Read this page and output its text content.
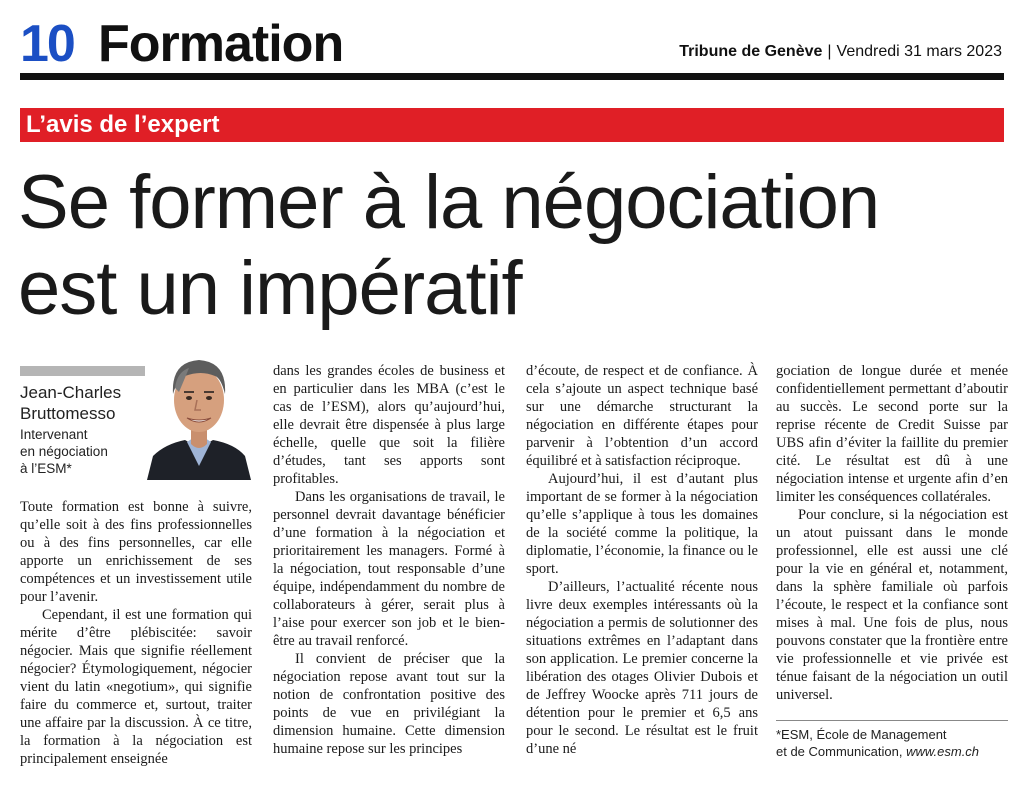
10 Formation	Tribune de Genève | Vendredi 31 mars 2023
L’avis de l’expert
Se former à la négociation
est un impératif
Jean-Charles
Bruttomesso
Intervenant
en négociation
à l’ESM*

Toute formation est bonne à suivre, qu’elle soit à des fins professionnelles ou à des fins personnelles, car elle apporte un enrichissement de ses compétences et un investissement utile pour l’avenir.

Cependant, il est une formation qui mérite d’être plébiscitée: savoir négocier. Mais que signifie réellement négocier? Étymologiquement, négocier vient du latin «negotium», qui signifie faire du commerce et, surtout, traiter une affaire par la discussion. À ce titre, la formation à la négociation est principalement enseignée

dans les grandes écoles de business et en particulier dans les MBA (c’est le cas de l’ESM), alors qu’aujourd’hui, elle devrait être dispensée à plus large échelle, quelle que soit la filière d’études, tant ses apports sont profitables.

Dans les organisations de travail, le personnel devrait davantage bénéficier d’une formation à la négociation et prioritairement les managers. Formé à la négociation, tout responsable d’une équipe, indépendamment du nombre de collaborateurs à gérer, serait plus à l’aise pour exercer son job et le bien-être au travail renforcé.

Il convient de préciser que la négociation repose avant tout sur la notion de confrontation positive des points de vue en privilégiant la dimension humaine. Cette dimension humaine repose sur les principes

d’écoute, de respect et de confiance. À cela s’ajoute un aspect technique basé sur une démarche structurant la négociation en différente étapes pour parvenir à l’obtention d’un accord équilibré et à satisfaction réciproque.

Aujourd’hui, il est d’autant plus important de se former à la négociation qu’elle s’applique à tous les domaines de la société comme la politique, la diplomatie, l’économie, la finance ou le sport.

D’ailleurs, l’actualité récente nous livre deux exemples intéressants où la négociation a permis de solutionner des situations extrêmes en l’adaptant dans son application. Le premier concerne la libération des otages Olivier Dubois et de Jeffrey Woocke après 711 jours de détention pour le premier et 6,5 ans pour le second. Le résultat est le fruit d’une né

gociation de longue durée et menée confidentiellement permettant d’aboutir au succès. Le second porte sur la reprise récente de Credit Suisse par UBS afin d’éviter la faillite du premier cité. Le résultat est dû à une négociation intense et urgente afin d’en limiter les conséquences collatérales.

Pour conclure, si la négociation est un atout puissant dans le monde professionnel, elle est aussi une clé pour la vie en général et, notamment, dans la sphère familiale où parfois l’écoute, le respect et la confiance sont mises à mal. Une fois de plus, nous pouvons constater que la frontière entre vie professionnelle et vie privée est ténue faisant de la négociation un outil universel.

*ESM, École de Management
et de Communication, www.esm.ch
